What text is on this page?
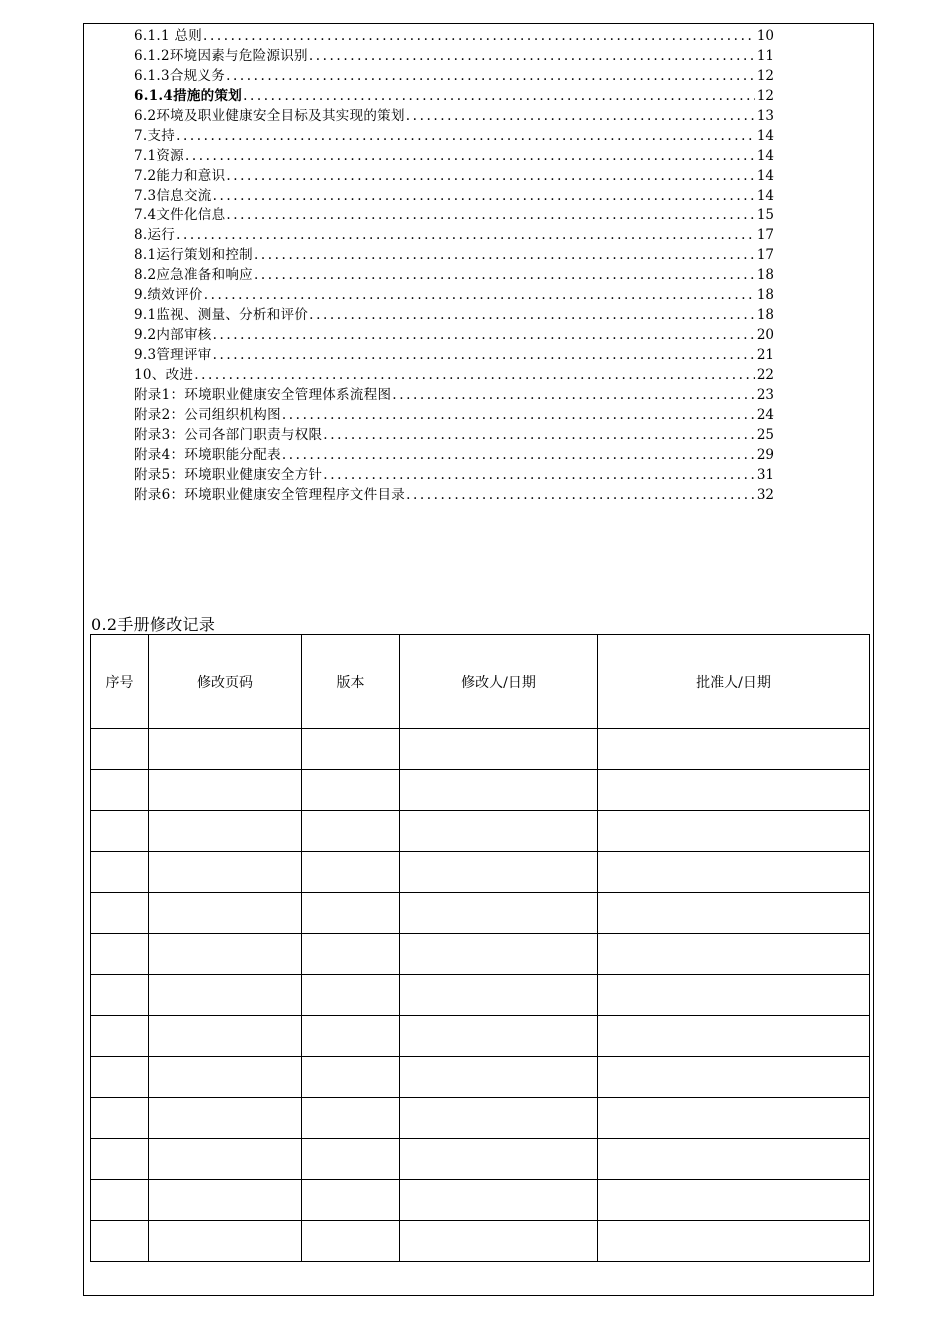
6.1.1 总则 .....	10
6.1.2环境因素与危险源识别 .....	11
6.1.3合规义务 .....	12
6.1.4措施的策划 .....	12
6.2环境及职业健康安全目标及其实现的策划 .....	13
7.支持 .....	14
7.1资源 .....	14
7.2能力和意识 .....	14
7.3信息交流 .....	14
7.4文件化信息 .....	15
8.运行 .....	17
8.1运行策划和控制 .....	17
8.2应急准备和响应 .....	18
9.绩效评价 .....	18
9.1监视、测量、分析和评价 .....	18
9.2内部审核 .....	20
9.3管理评审 .....	21
10、改进 .....	22
附录1：环境职业健康安全管理体系流程图 .....	23
附录2：公司组织机构图 .....	24
附录3：公司各部门职责与权限 .....	25
附录4：环境职能分配表 .....	29
附录5：环境职业健康安全方针 .....	31
附录6：环境职业健康安全管理程序文件目录 .....	32
0.2手册修改记录
序号	修改页码	版本	修改人/日期	批准人/日期
